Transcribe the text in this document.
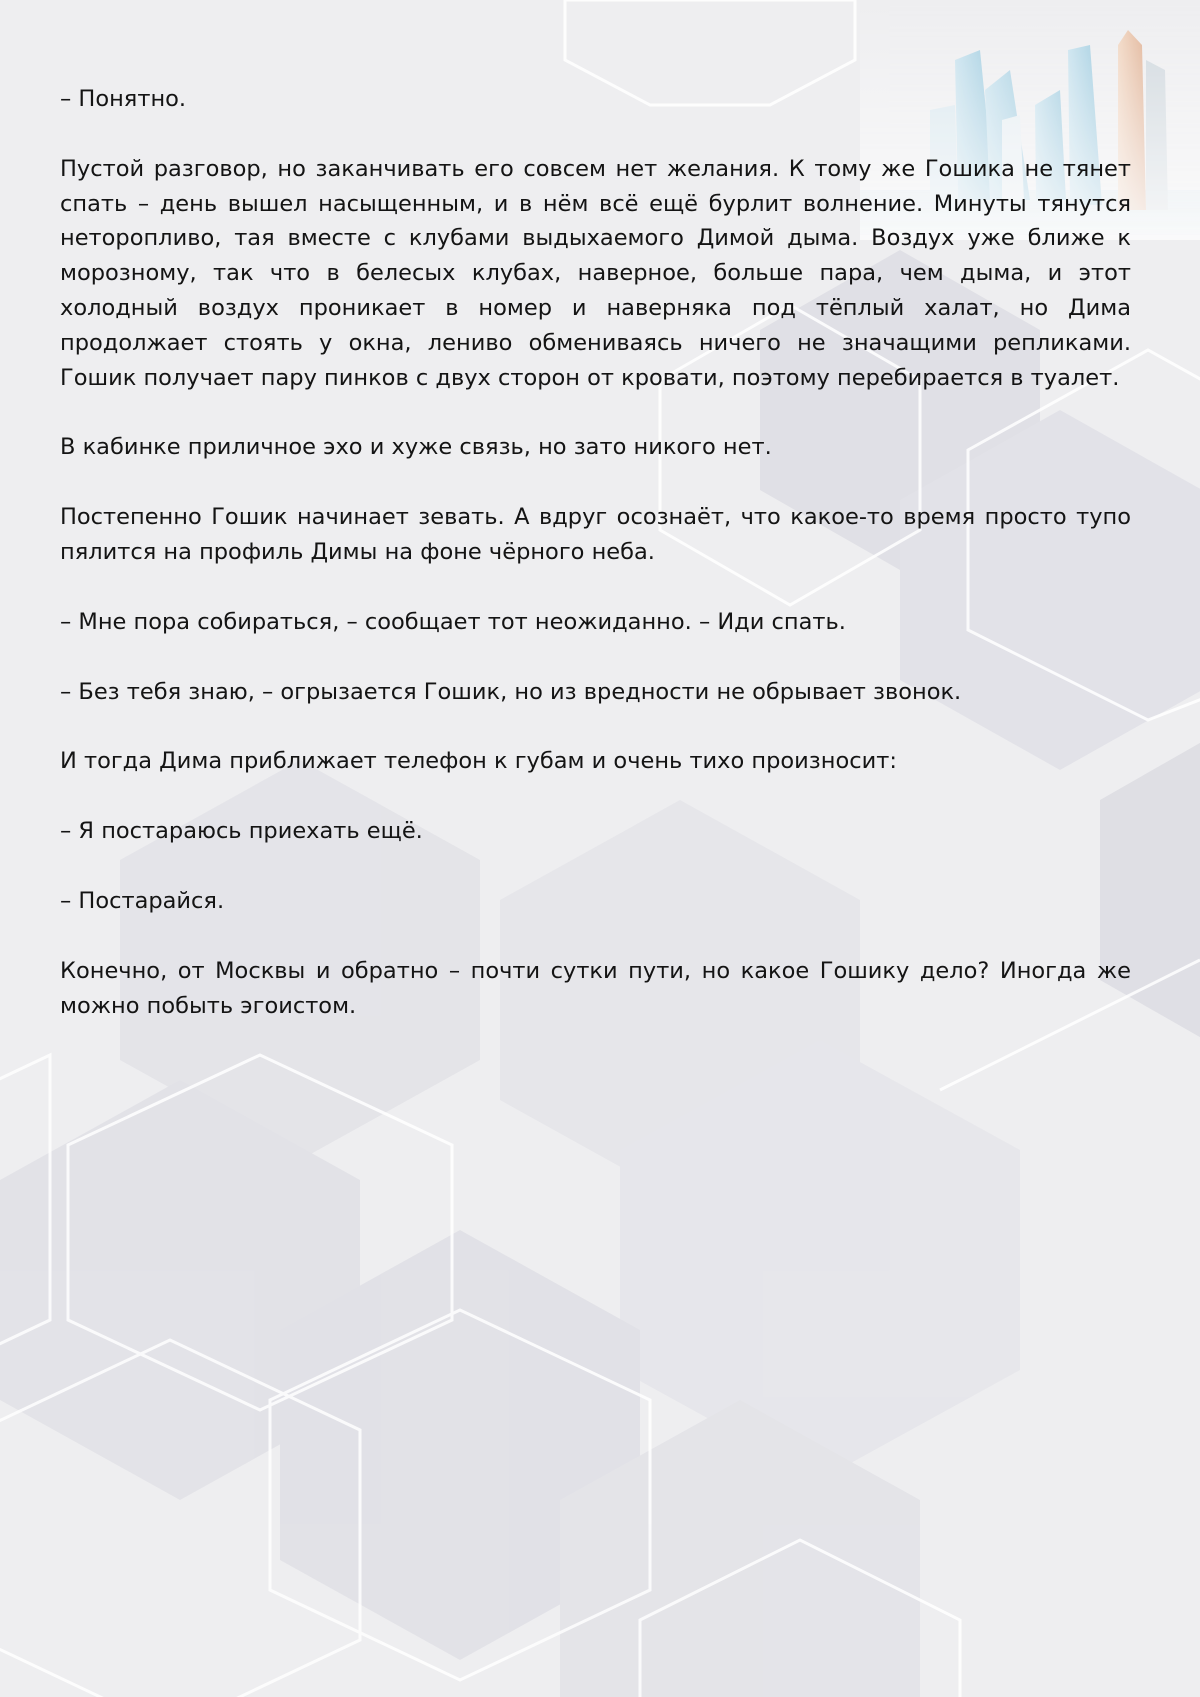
– Понятно.

Пустой разговор, но заканчивать его совсем нет желания. К тому же Гошика не тянет спать – день вышел насыщенным, и в нём всё ещё бурлит волнение. Минуты тянутся неторопливо, тая вместе с клубами выдыхаемого Димой дыма. Воздух уже ближе к морозному, так что в белесых клубах, наверное, больше пара, чем дыма, и этот холодный воздух проникает в номер и наверняка под тёплый халат, но Дима продолжает стоять у окна, лениво обмениваясь ничего не значащими репликами. Гошик получает пару пинков с двух сторон от кровати, поэтому перебирается в туалет.

В кабинке приличное эхо и хуже связь, но зато никого нет.

Постепенно Гошик начинает зевать. А вдруг осознаёт, что какое-то время просто тупо пялится на профиль Димы на фоне чёрного неба.

– Мне пора собираться, – сообщает тот неожиданно. – Иди спать.

– Без тебя знаю, – огрызается Гошик, но из вредности не обрывает звонок.

И тогда Дима приближает телефон к губам и очень тихо произносит:

– Я постараюсь приехать ещё.

– Постарайся.

Конечно, от Москвы и обратно – почти сутки пути, но какое Гошику дело? Иногда же можно побыть эгоистом.
